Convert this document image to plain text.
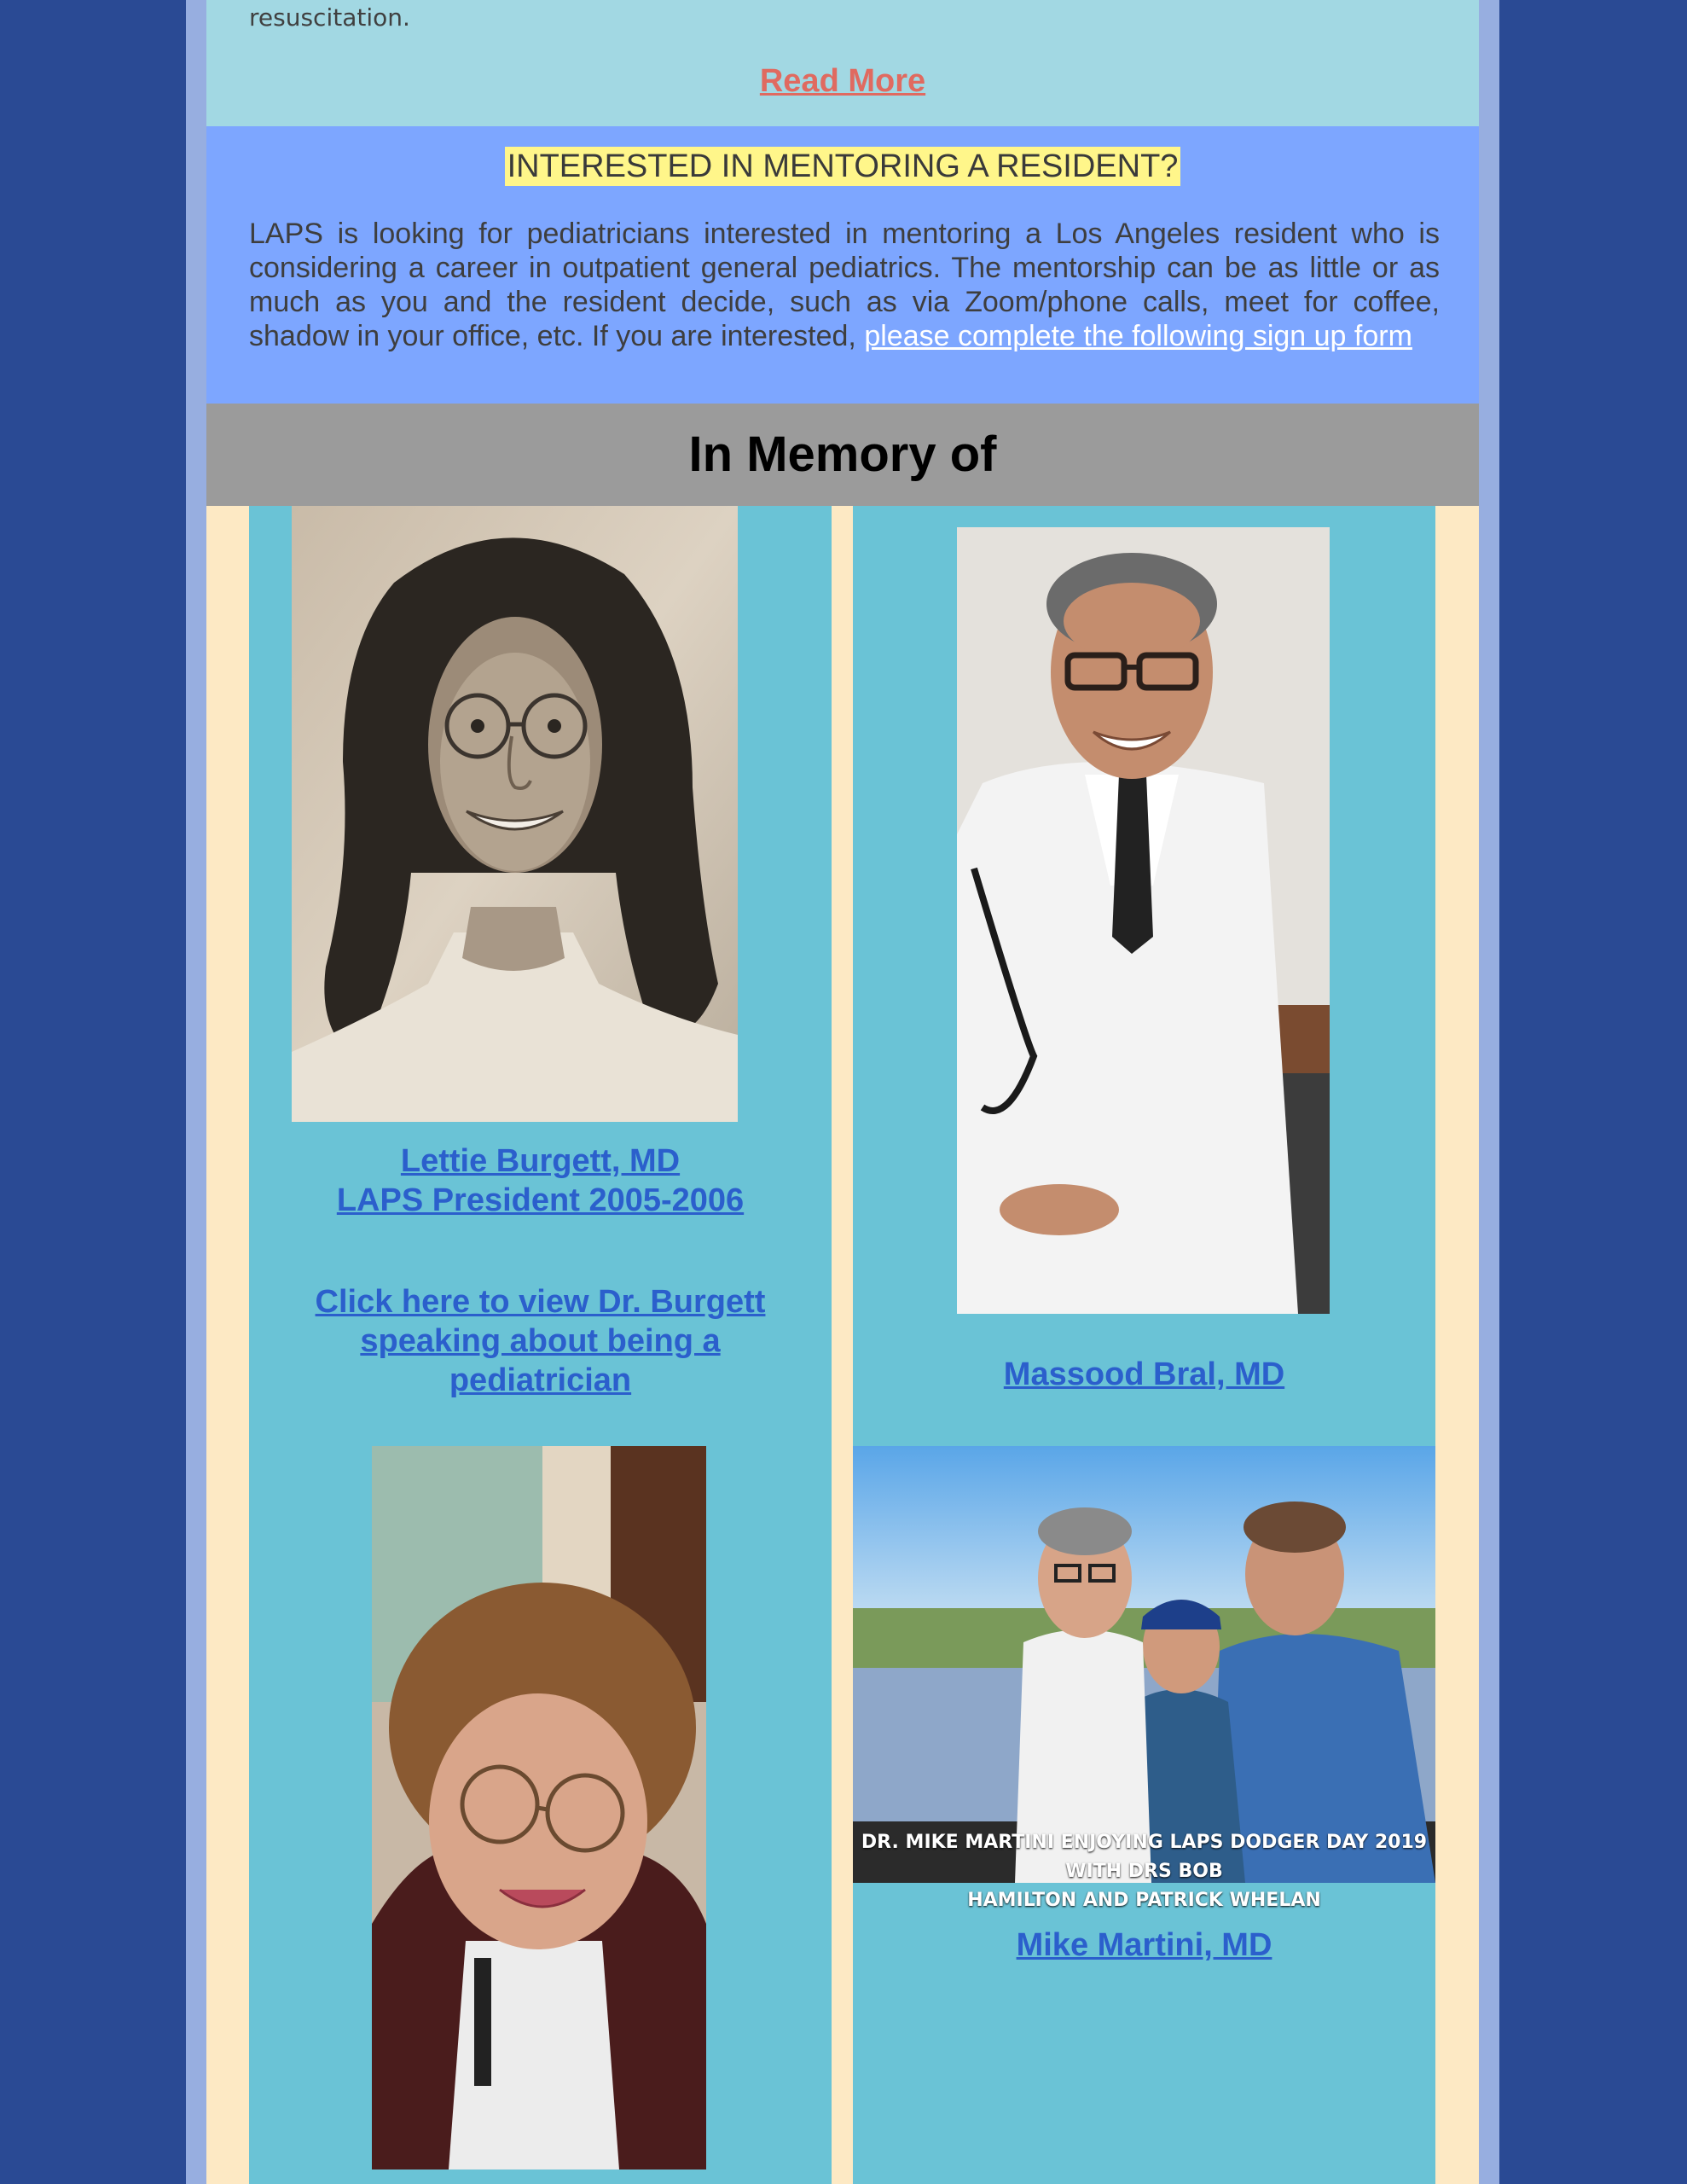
resuscitation.
Read More
INTERESTED IN MENTORING A RESIDENT?

LAPS is looking for pediatricians interested in mentoring a Los Angeles resident who is considering a career in outpatient general pediatrics. The mentorship can be as little or as much as you and the resident decide, such as via Zoom/phone calls, meet for coffee, shadow in your office, etc. If you are interested, please complete the following sign up form

In Memory of
Lettie Burgett, MD
LAPS President 2005-2006
Click here to view Dr. Burgett
speaking about being a
pediatrician	Massood Bral, MD
DR. MIKE MARTINI ENJOYING LAPS DODGER DAY 2019 WITH DRS BOB
HAMILTON AND PATRICK WHELAN
Mike Martini, MD
